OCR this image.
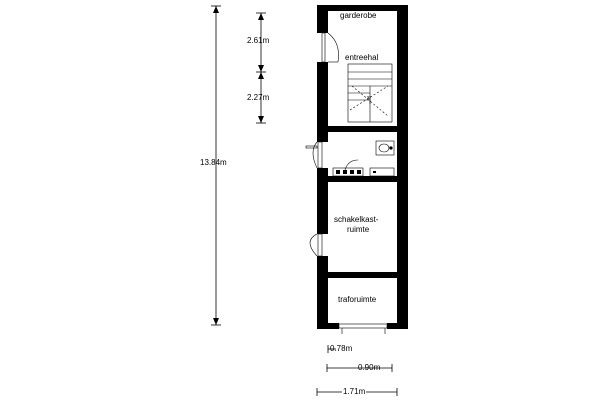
x
garderobe
entreehal
schakelkast-
ruimte
traforuimte
13.84m
2.61m
2.27m
0.78m
0.90m
1.71m
